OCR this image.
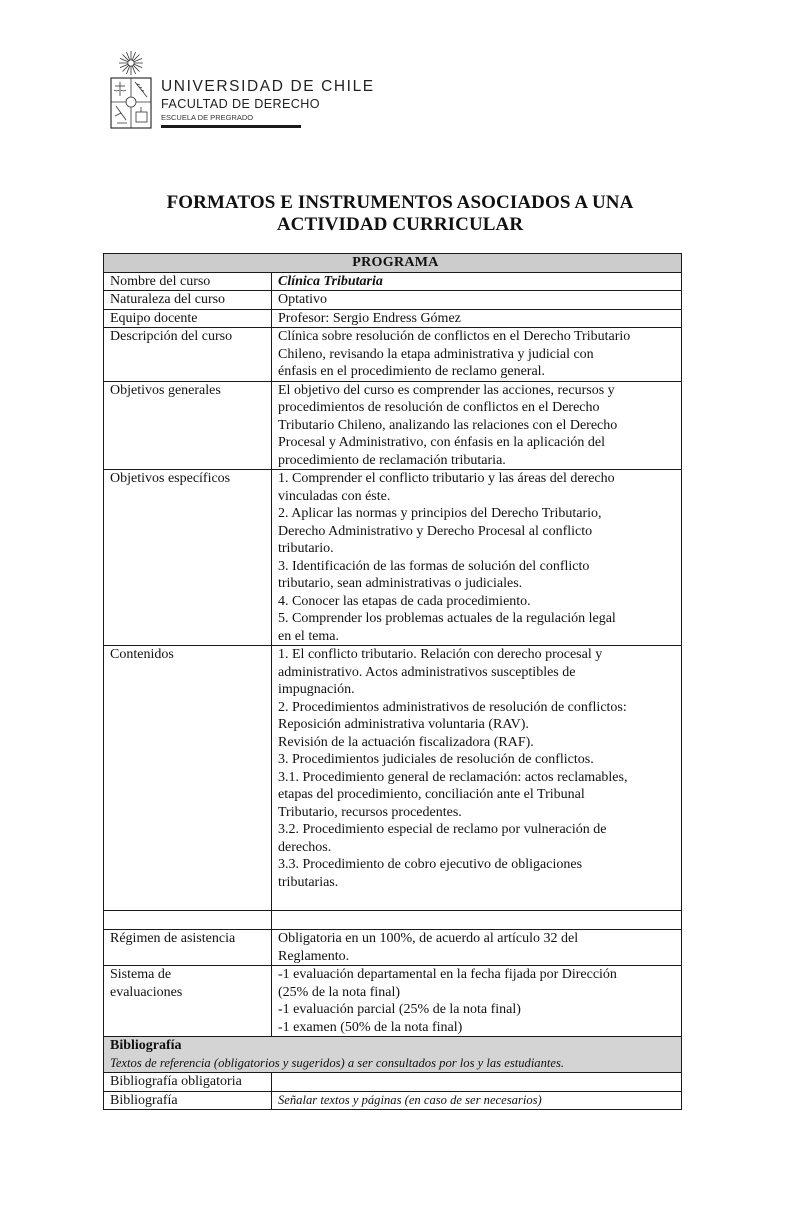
UNIVERSIDAD DE CHILE
FACULTAD DE DERECHO
ESCUELA DE PREGRADO
FORMATOS E INSTRUMENTOS ASOCIADOS A UNA
ACTIVIDAD CURRICULAR
PROGRAMA	
Nombre del curso	Clínica Tributaria
Naturaleza del curso	Optativo
Equipo docente	Profesor: Sergio Endress Gómez
Descripción del curso	Clínica sobre resolución de conflictos en el Derecho Tributario
Chileno, revisando la etapa administrativa y judicial con
énfasis en el procedimiento de reclamo general.

Objetivos generales	El objetivo del curso es comprender las acciones, recursos y
procedimientos de resolución de conflictos en el Derecho
Tributario Chileno, analizando las relaciones con el Derecho
Procesal y Administrativo, con énfasis en la aplicación del
procedimiento de reclamación tributaria.

Objetivos específicos	1. Comprender el conflicto tributario y las áreas del derecho
vinculadas con éste.
2. Aplicar las normas y principios del Derecho Tributario,
Derecho Administrativo y Derecho Procesal al conflicto
tributario.
3. Identificación de las formas de solución del conflicto
tributario, sean administrativas o judiciales.
4. Conocer las etapas de cada procedimiento.
5. Comprender los problemas actuales de la regulación legal
en el tema.

Contenidos	1. El conflicto tributario. Relación con derecho procesal y
administrativo. Actos administrativos susceptibles de
impugnación.
2. Procedimientos administrativos de resolución de conflictos:
Reposición administrativa voluntaria (RAV).
Revisión de la actuación fiscalizadora (RAF).
3. Procedimientos judiciales de resolución de conflictos.
3.1. Procedimiento general de reclamación: actos reclamables,
etapas del procedimiento, conciliación ante el Tribunal
Tributario, recursos procedentes.
3.2. Procedimiento especial de reclamo por vulneración de
derechos.
3.3. Procedimiento de cobro ejecutivo de obligaciones
tributarias.

Régimen de asistencia	Obligatoria en un 100%, de acuerdo al artículo 32 del
Reglamento.

Sistema de
evaluaciones	-1 evaluación departamental en la fecha fijada por Dirección
(25% de la nota final)
-1 evaluación parcial (25% de la nota final)
-1 examen (50% de la nota final)

Bibliografía
Textos de referencia (obligatorios y sugeridos) a ser consultados por los y las estudiantes.	

Bibliografía obligatoria	
Bibliografía	Señalar textos y páginas (en caso de ser necesarios)
